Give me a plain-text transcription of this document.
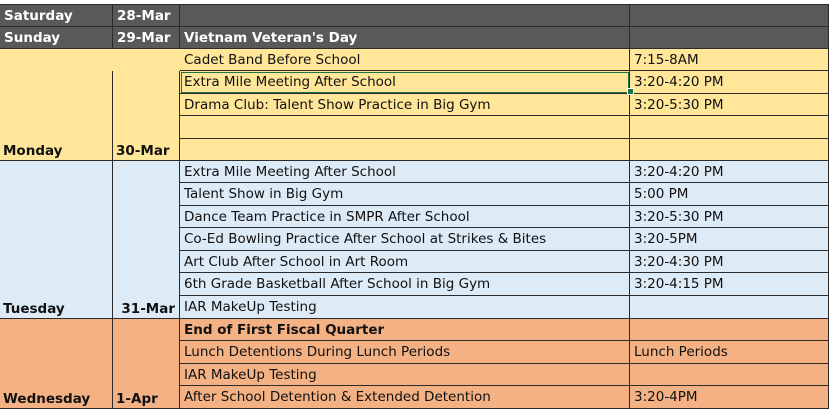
Saturday	28-Mar
Sunday	29-Mar Vietnam Veteran's Day
Monday	30-Mar
Cadet Band Before School	7:15-8AM
Extra Mile Meeting After School	3:20-4:20 PM
Drama Club: Talent Show Practice in Big Gym	3:20-5:30 PM
Tuesday	31-Mar
Extra Mile Meeting After School	3:20-4:20 PM
Talent Show in Big Gym	5:00 PM
Dance Team Practice in SMPR After School	3:20-5:30 PM
Co-Ed Bowling Practice After School at Strikes & Bites	3:20-5PM
Art Club After School in Art Room	3:20-4:30 PM
6th Grade Basketball After School in Big Gym	3:20-4:15 PM
IAR MakeUp Testing
Wednesday 1-Apr
End of First Fiscal Quarter
Lunch Detentions During Lunch Periods	Lunch Periods
IAR MakeUp Testing
After School Detention & Extended Detention	3:20-4PM
